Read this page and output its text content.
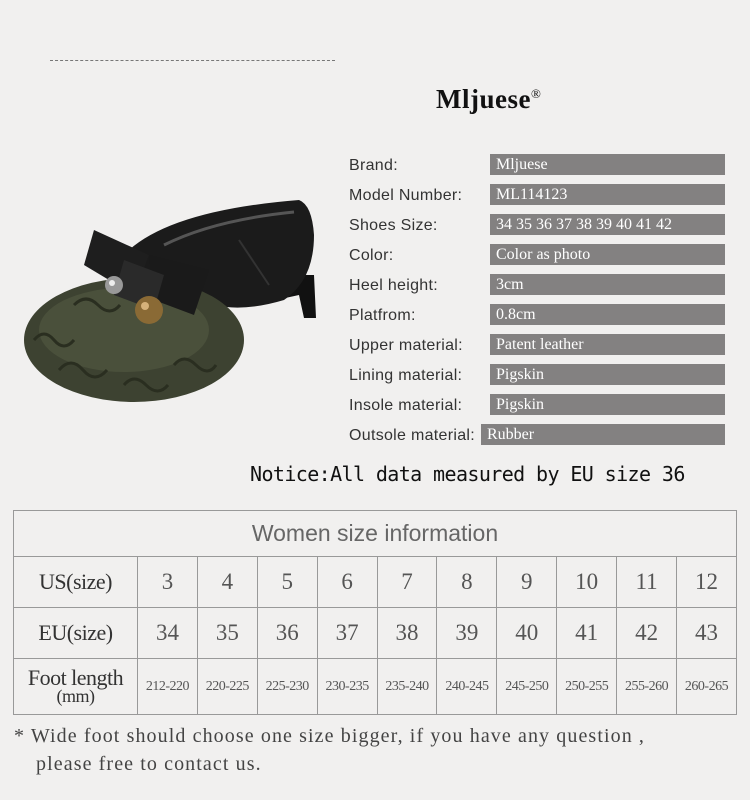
Mljuese®
Brand:	Mljuese
Model Number:	ML114123
Shoes Size:	34 35 36 37 38 39 40 41 42
Color:	Color as photo
Heel height:	3cm
Platfrom:	0.8cm
Upper material:	Patent leather
Lining material:	Pigskin
Insole material:	Pigskin
Outsole material: Rubber
Notice:All data measured by EU size 36
Women size information										
US(size)	3	4	5	6	7	8	9	10	11	12
EU(size)	34	35	36	37	38	39	40	41	42	43
Foot length
(mm)	212-220	220-225	225-230	230-235	235-240	240-245	245-250	250-255	255-260	260-265
* Wide foot should choose one size bigger, if you have any question ,
please free to contact us.
